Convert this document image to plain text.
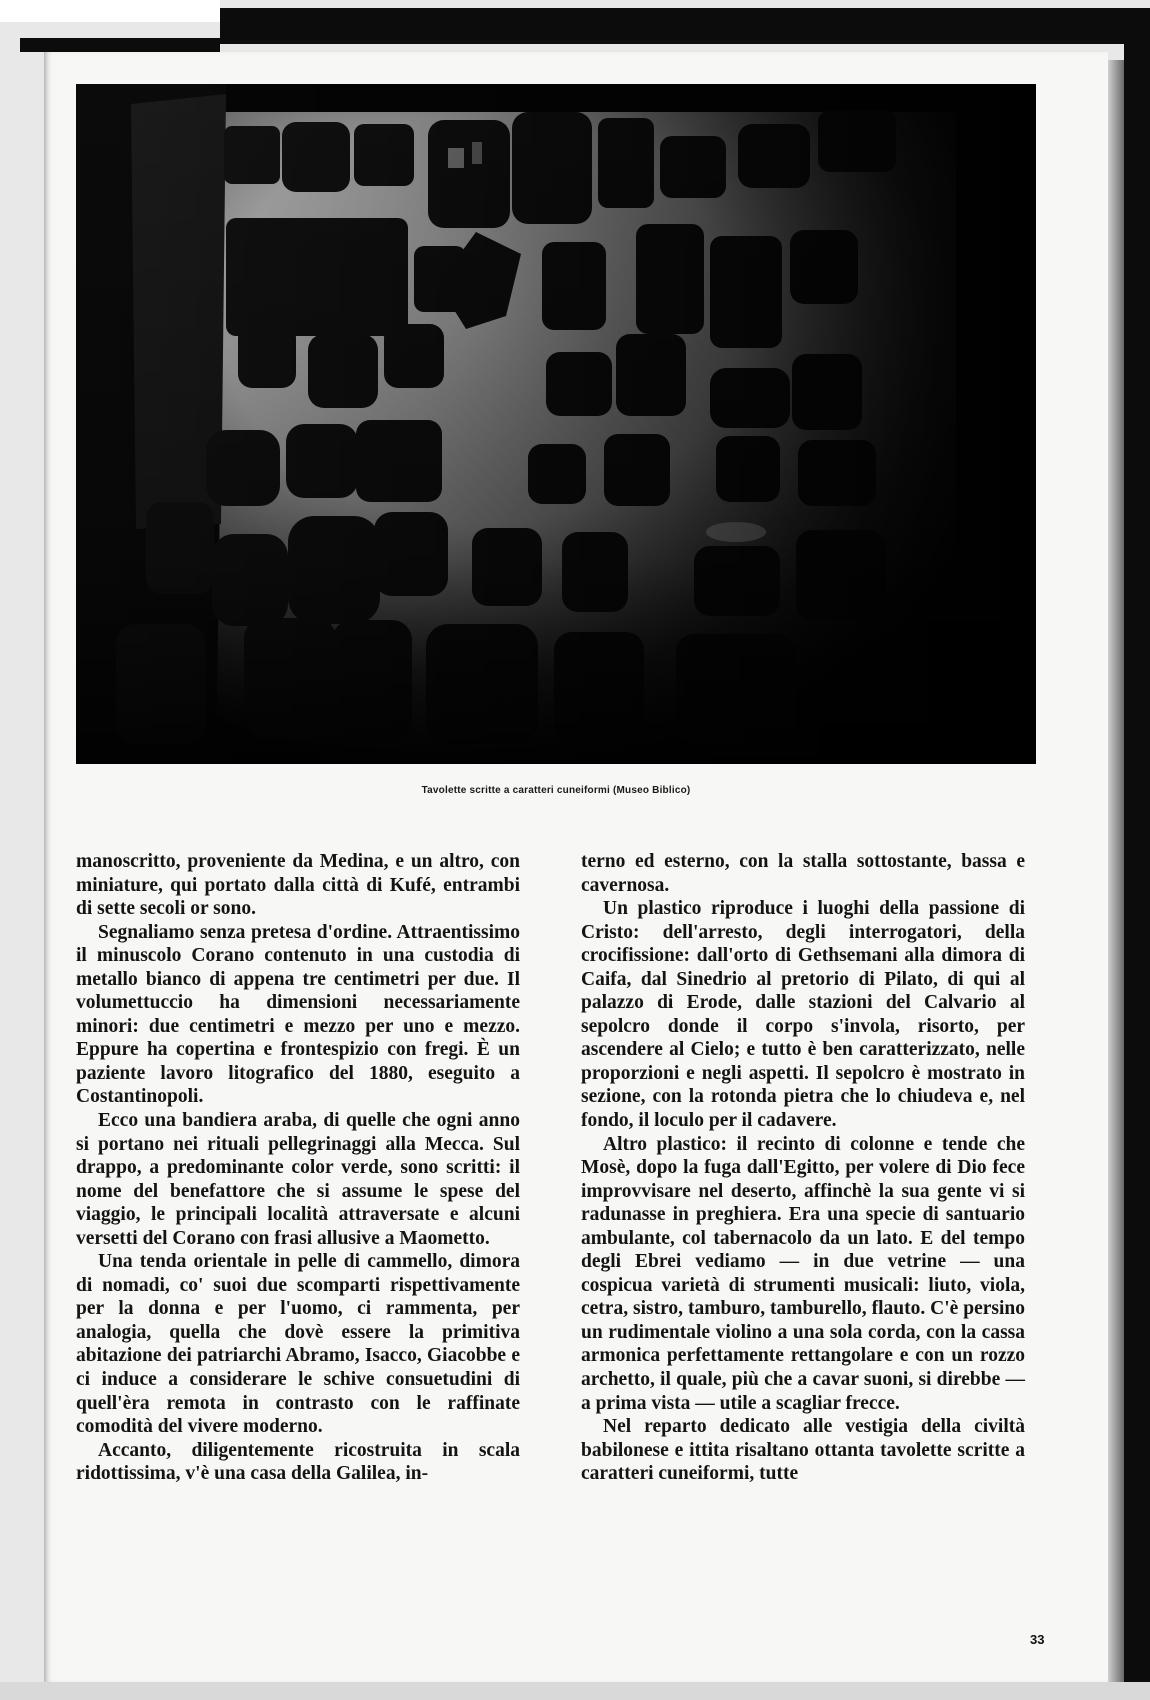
Tavolette scritte a caratteri cuneiformi (Museo Biblico)

manoscritto, proveniente da Medina, e un altro, con miniature, qui portato dalla città di Kufé, entrambi di sette secoli or sono.

Segnaliamo senza pretesa d'ordine. Attraentissimo il minuscolo Corano contenuto in una custodia di metallo bianco di appena tre centimetri per due. Il volumettuccio ha dimensioni necessariamente minori: due centimetri e mezzo per uno e mezzo. Eppure ha copertina e frontespizio con fregi. È un paziente lavoro litografico del 1880, eseguito a Costantinopoli.

Ecco una bandiera araba, di quelle che ogni anno si portano nei rituali pellegrinaggi alla Mecca. Sul drappo, a predominante color verde, sono scritti: il nome del benefattore che si assume le spese del viaggio, le principali località attraversate e alcuni versetti del Corano con frasi allusive a Maometto.

Una tenda orientale in pelle di cammello, dimora di nomadi, co' suoi due scomparti rispettivamente per la donna e per l'uomo, ci rammenta, per analogia, quella che dovè essere la primitiva abitazione dei patriarchi Abramo, Isacco, Giacobbe e ci induce a considerare le schive consuetudini di quell'èra remota in contrasto con le raffinate comodità del vivere moderno.

Accanto, diligentemente ricostruita in scala ridottissima, v'è una casa della Galilea, in-

terno ed esterno, con la stalla sottostante, bassa e cavernosa.

Un plastico riproduce i luoghi della passione di Cristo: dell'arresto, degli interrogatori, della crocifissione: dall'orto di Gethsemani alla dimora di Caifa, dal Sinedrio al pretorio di Pilato, di qui al palazzo di Erode, dalle stazioni del Calvario al sepolcro donde il corpo s'invola, risorto, per ascendere al Cielo; e tutto è ben caratterizzato, nelle proporzioni e negli aspetti. Il sepolcro è mostrato in sezione, con la rotonda pietra che lo chiudeva e, nel fondo, il loculo per il cadavere.

Altro plastico: il recinto di colonne e tende che Mosè, dopo la fuga dall'Egitto, per volere di Dio fece improvvisare nel deserto, affinchè la sua gente vi si radunasse in preghiera. Era una specie di santuario ambulante, col tabernacolo da un lato. E del tempo degli Ebrei vediamo — in due vetrine — una cospicua varietà di strumenti musicali: liuto, viola, cetra, sistro, tamburo, tamburello, flauto. C'è persino un rudimentale violino a una sola corda, con la cassa armonica perfettamente rettangolare e con un rozzo archetto, il quale, più che a cavar suoni, si direbbe — a prima vista — utile a scagliar frecce.

Nel reparto dedicato alle vestigia della civiltà babilonese e ittita risaltano ottanta tavolette scritte a caratteri cuneiformi, tutte

33
